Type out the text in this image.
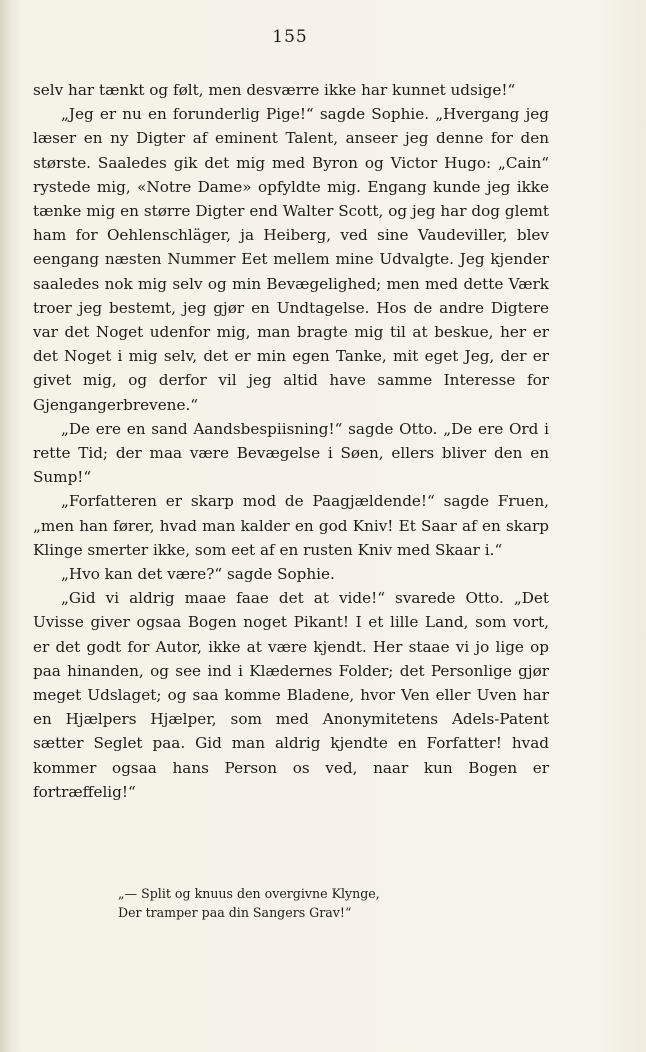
155

selv har tænkt og følt, men desværre ikke har kunnet udsige!“

„Jeg er nu en forunderlig Pige!“ sagde Sophie. „Hvergang jeg læser en ny Digter af eminent Talent, anseer jeg denne for den største. Saaledes gik det mig med Byron og Victor Hugo: „Cain“ rystede mig, «Notre Dame» opfyldte mig. Engang kunde jeg ikke tænke mig en større Digter end Walter Scott, og jeg har dog glemt ham for Oehlenschläger, ja Heiberg, ved sine Vaudeviller, blev eengang næsten Nummer Eet mellem mine Udvalgte. Jeg kjender saaledes nok mig selv og min Bevægelighed; men med dette Værk troer jeg bestemt, jeg gjør en Undtagelse. Hos de andre Digtere var det Noget udenfor mig, man bragte mig til at beskue, her er det Noget i mig selv, det er min egen Tanke, mit eget Jeg, der er givet mig, og derfor vil jeg altid have samme Interesse for Gjengangerbrevene.“

„De ere en sand Aandsbespiisning!“ sagde Otto. „De ere Ord i rette Tid; der maa være Bevægelse i Søen, ellers bliver den en Sump!“

„Forfatteren er skarp mod de Paagjældende!“ sagde Fruen, „men han fører, hvad man kalder en god Kniv! Et Saar af en skarp Klinge smerter ikke, som eet af en rusten Kniv med Skaar i.“

„Hvo kan det være?“ sagde Sophie.

„Gid vi aldrig maae faae det at vide!“ svarede Otto. „Det Uvisse giver ogsaa Bogen noget Pikant! I et lille Land, som vort, er det godt for Autor, ikke at være kjendt. Her staae vi jo lige op paa hinanden, og see ind i Klædernes Folder; det Personlige gjør meget Udslaget; og saa komme Bladene, hvor Ven eller Uven har en Hjælpers Hjælper, som med Anonymitetens Adels-Patent sætter Seglet paa. Gid man aldrig kjendte en Forfatter! hvad kommer ogsaa hans Person os ved, naar kun Bogen er fortræffelig!“

„— Split og knuus den overgivne Klynge,
Der tramper paa din Sangers Grav!“
